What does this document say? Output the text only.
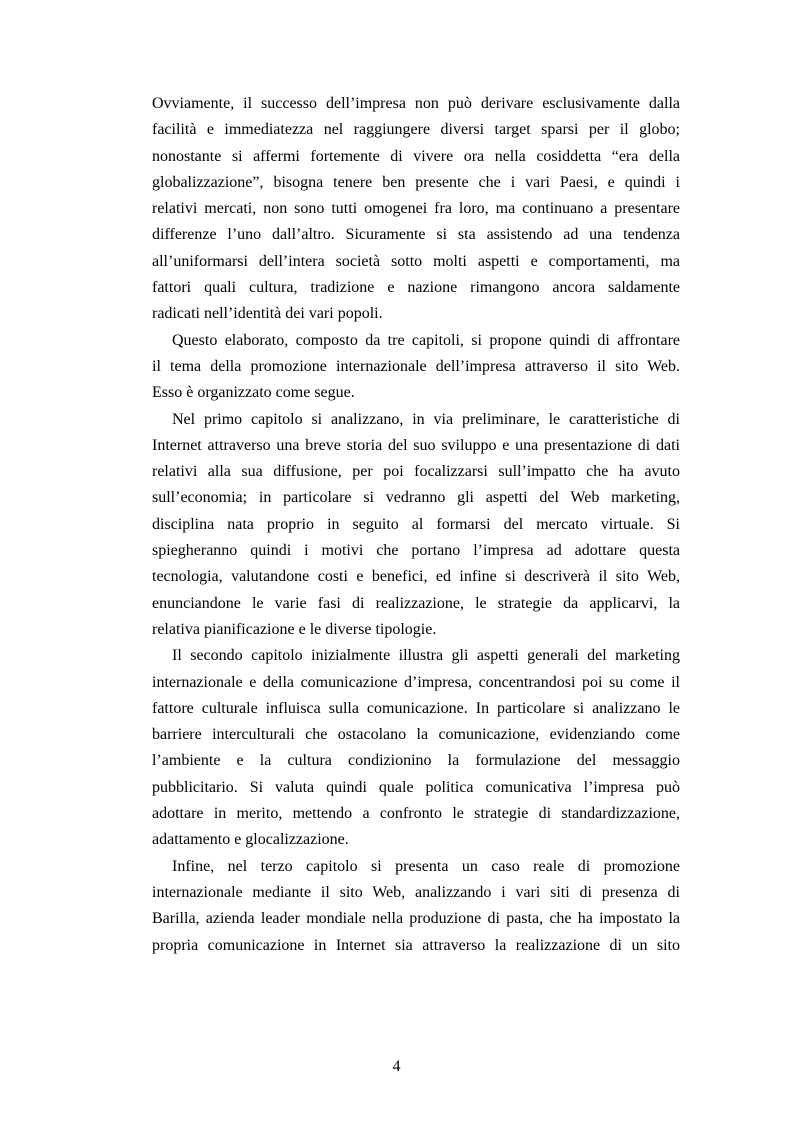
Ovviamente, il successo dell’impresa non può derivare esclusivamente dalla
facilità e immediatezza nel raggiungere diversi target sparsi per il globo;
nonostante si affermi fortemente di vivere ora nella cosiddetta “era della
globalizzazione”, bisogna tenere ben presente che i vari Paesi, e quindi i
relativi mercati, non sono tutti omogenei fra loro, ma continuano a presentare
differenze l’uno dall’altro. Sicuramente si sta assistendo ad una tendenza
all’uniformarsi dell’intera società sotto molti aspetti e comportamenti, ma
fattori quali cultura, tradizione e nazione rimangono ancora saldamente
radicati nell’identità dei vari popoli.
Questo elaborato, composto da tre capitoli, si propone quindi di affrontare
il tema della promozione internazionale dell’impresa attraverso il sito Web.
Esso è organizzato come segue.
Nel primo capitolo si analizzano, in via preliminare, le caratteristiche di
Internet attraverso una breve storia del suo sviluppo e una presentazione di dati
relativi alla sua diffusione, per poi focalizzarsi sull’impatto che ha avuto
sull’economia; in particolare si vedranno gli aspetti del Web marketing,
disciplina nata proprio in seguito al formarsi del mercato virtuale. Si
spiegheranno quindi i motivi che portano l’impresa ad adottare questa
tecnologia, valutandone costi e benefici, ed infine si descriverà il sito Web,
enunciandone le varie fasi di realizzazione, le strategie da applicarvi, la
relativa pianificazione e le diverse tipologie.
Il secondo capitolo inizialmente illustra gli aspetti generali del marketing
internazionale e della comunicazione d’impresa, concentrandosi poi su come il
fattore culturale influisca sulla comunicazione. In particolare si analizzano le
barriere interculturali che ostacolano la comunicazione, evidenziando come
l’ambiente e la cultura condizionino la formulazione del messaggio
pubblicitario. Si valuta quindi quale politica comunicativa l’impresa può
adottare in merito, mettendo a confronto le strategie di standardizzazione,
adattamento e glocalizzazione.
Infine, nel terzo capitolo si presenta un caso reale di promozione
internazionale mediante il sito Web, analizzando i vari siti di presenza di
Barilla, azienda leader mondiale nella produzione di pasta, che ha impostato la
propria comunicazione in Internet sia attraverso la realizzazione di un sito
4
